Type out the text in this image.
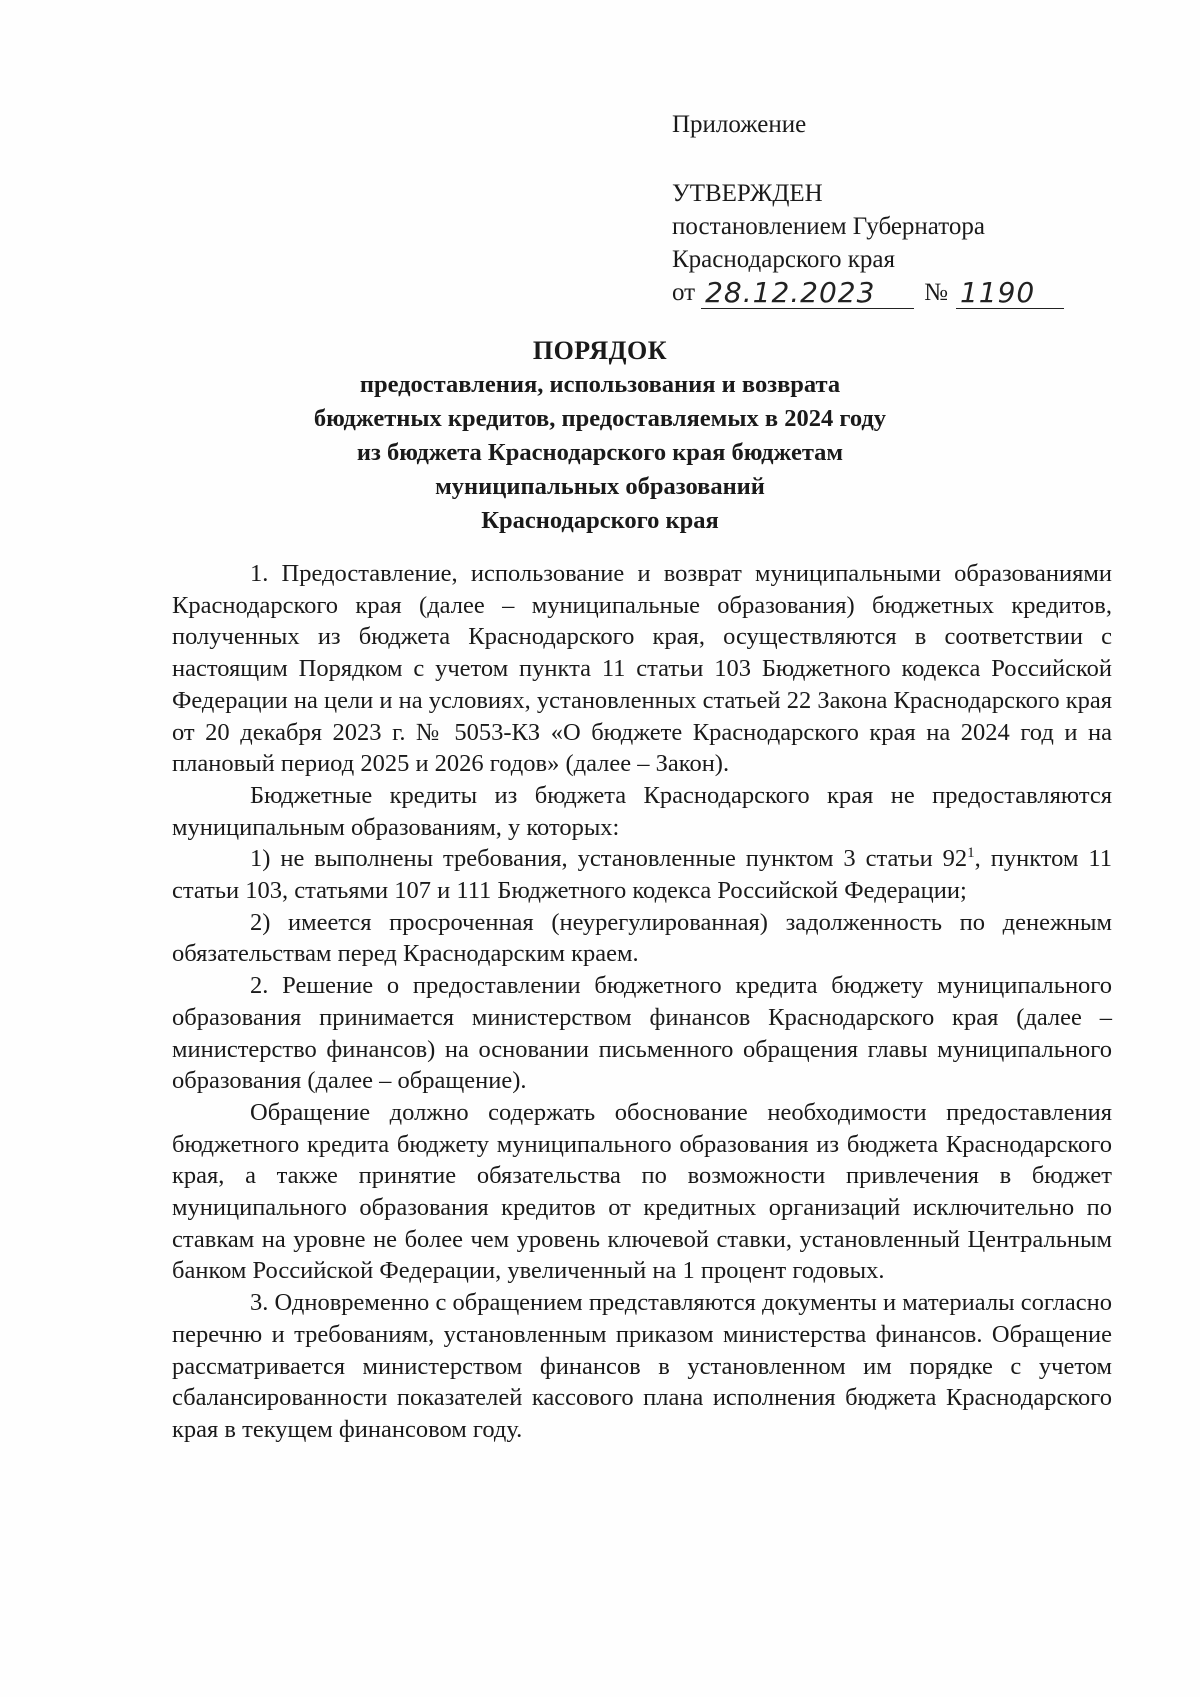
Приложение
УТВЕРЖДЕН
постановлением Губернатора
Краснодарского края
от 28.12.2023	№ 1190
ПОРЯДОК
предоставления, использования и возврата
бюджетных кредитов, предоставляемых в 2024 году
из бюджета Краснодарского края бюджетам
муниципальных образований
Краснодарского края

1. Предоставление, использование и возврат муниципальными образованиями Краснодарского края (далее – муниципальные образования) бюджетных кредитов, полученных из бюджета Краснодарского края, осуществляются в соответствии с настоящим Порядком с учетом пункта 11 статьи 103 Бюджетного кодекса Российской Федерации на цели и на условиях, установленных статьей 22 Закона Краснодарского края от 20 декабря 2023 г. № 5053-КЗ «О бюджете Краснодарского края на 2024 год и на плановый период 2025 и 2026 годов» (далее – Закон).

Бюджетные кредиты из бюджета Краснодарского края не предоставляются муниципальным образованиям, у которых:

1) не выполнены требования, установленные пунктом 3 статьи $92^1$, пунктом 11 статьи 103, статьями 107 и 111 Бюджетного кодекса Российской Федерации;

2) имеется просроченная (неурегулированная) задолженность по денежным обязательствам перед Краснодарским краем.

2. Решение о предоставлении бюджетного кредита бюджету муниципального образования принимается министерством финансов Краснодарского края (далее – министерство финансов) на основании письменного обращения главы муниципального образования (далее – обращение).

Обращение должно содержать обоснование необходимости предоставления бюджетного кредита бюджету муниципального образования из бюджета Краснодарского края, а также принятие обязательства по возможности привлечения в бюджет муниципального образования кредитов от кредитных организаций исключительно по ставкам на уровне не более чем уровень ключевой ставки, установленный Центральным банком Российской Федерации, увеличенный на 1 процент годовых.

3. Одновременно с обращением представляются документы и материалы согласно перечню и требованиям, установленным приказом министерства финансов. Обращение рассматривается министерством финансов в установленном им порядке с учетом сбалансированности показателей кассового плана исполнения бюджета Краснодарского края в текущем финансовом году.
